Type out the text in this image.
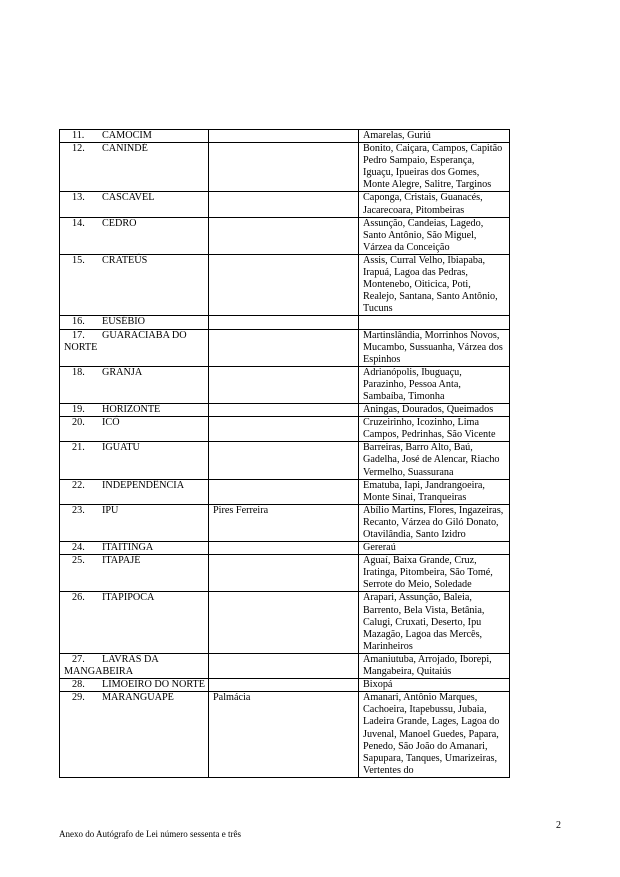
11. CAMOCIM		Amarelas, Guriú
12. CANINDÉ		Bonito, Caiçara, Campos, Capitão Pedro Sampaio, Esperança, Iguaçu, Ipueiras dos Gomes, Monte Alegre, Salitre, Targinos
13. CASCAVEL		Caponga, Cristais, Guanacés, Jacarecoara, Pitombeiras
14. CEDRO		Assunção, Candeias, Lagedo, Santo Antônio, São Miguel, Várzea da Conceição
15. CRATEÚS		Assis, Curral Velho, Ibiapaba, Irapuá, Lagoa das Pedras, Montenebo, Oiticica, Poti, Realejo, Santana, Santo Antônio, Tucuns
16. EUSÉBIO		
17. GUARACIABA DO NORTE		Martinslândia, Morrinhos Novos, Mucambo, Sussuanha, Várzea dos Espinhos
18. GRANJA		Adrianópolis, Ibuguaçu, Parazinho, Pessoa Anta, Sambaíba, Timonha
19. HORIZONTE		Aningas, Dourados, Queimados
20. ICÓ		Cruzeirinho, Icozinho, Lima Campos, Pedrinhas, São Vicente
21. IGUATU		Barreiras, Barro Alto, Baú, Gadelha, José de Alencar, Riacho Vermelho, Suassurana
22. INDEPENDÊNCIA		Ematuba, Iapi, Jandrangoeira, Monte Sinai, Tranqueiras
23. IPU	Pires Ferreira	Abílio Martins, Flores, Ingazeiras, Recanto, Várzea do Giló Donato, Otavilândia, Santo Izidro
24. ITAITINGA		Gereraú
25. ITAPAJÉ		Aguaí, Baixa Grande, Cruz, Iratinga, Pitombeira, São Tomé, Serrote do Meio, Soledade
26. ITAPIPOCA		Arapari, Assunção, Baleia, Barrento, Bela Vista, Betânia, Calugi, Cruxati, Deserto, Ipu Mazagão, Lagoa das Mercês, Marinheiros
27. LAVRAS DA MANGABEIRA		Amaniutuba, Arrojado, Iborepi, Mangabeira, Quitaiús
28. LIMOEIRO DO NORTE		Bixopá
29. MARANGUAPE	Palmácia	Amanari, Antônio Marques, Cachoeira, Itapebussu, Jubaia, Ladeira Grande, Lages, Lagoa do Juvenal, Manoel Guedes, Papara, Penedo, São João do Amanari, Sapupara, Tanques, Umarizeiras, Vertentes do
2
Anexo do Autógrafo de Lei número sessenta e três
